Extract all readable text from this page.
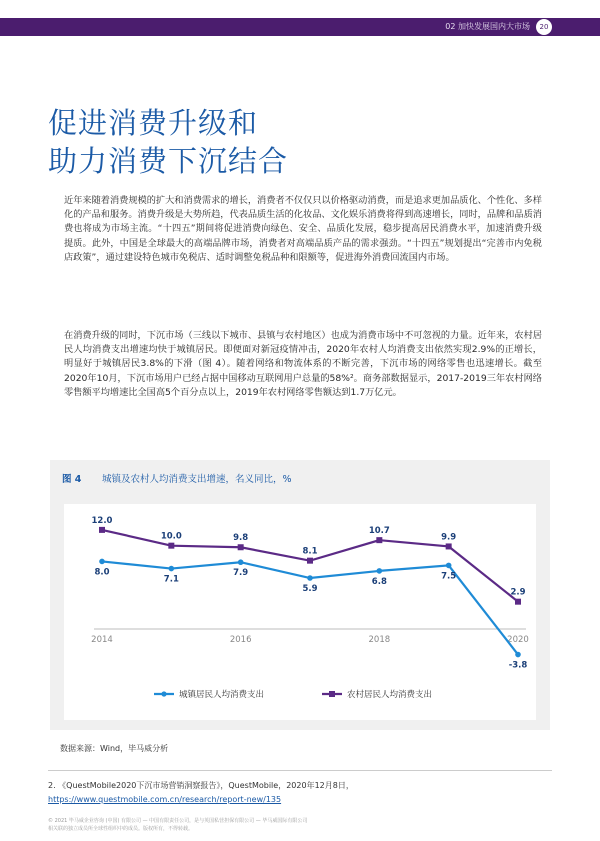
02 加快发展国内大市场	20
促进消费升级和
助力消费下沉结合

近年来随着消费规模的扩大和消费需求的增长，消费者不仅仅只以价格驱动消费，而是追求更加品质化、个性化、多样化的产品和服务。消费升级是大势所趋，代表品质生活的化妆品、文化娱乐消费将得到高速增长，同时，品牌和品质消费也将成为市场主流。“十四五”期间将促进消费向绿色、安全、品质化发展，稳步提高居民消费水平，加速消费升级提质。此外，中国是全球最大的高端品牌市场，消费者对高端品质产品的需求强劲。“十四五”规划提出“完善市内免税店政策”，通过建设特色城市免税店、适时调整免税品种和限额等，促进海外消费回流国内市场。

在消费升级的同时，下沉市场（三线以下城市、县镇与农村地区）也成为消费市场中不可忽视的力量。近年来，农村居民人均消费支出增速均快于城镇居民。即便面对新冠疫情冲击，2020年农村人均消费支出依然实现2.9%的正增长，明显好于城镇居民3.8%的下滑（图 4）。随着网络和物流体系的不断完善，下沉市场的网络零售也迅速增长。截至2020年10月，下沉市场用户已经占据中国移动互联网用户总量的58%²。商务部数据显示，2017-2019三年农村网络零售额平均增速比全国高5个百分点以上，2019年农村网络零售额达到1.7万亿元。

图 4 城镇及农村人均消费支出增速，名义同比，%
2014	2016	2018	2020
8.0
7.1
7.9
5.9
6.8
7.5
-3.8
12.0
10.0	9.8
8.1
10.7
9.9
2.9
城镇居民人均消费支出	农村居民人均消费支出
数据来源：Wind，毕马威分析
2. 《QuestMobile2020下沉市场营销洞察报告》，QuestMobile，2020年12月8日，
https://www.questmobile.com.cn/research/report-new/135
© 2021 毕马威企业咨询 (中国) 有限公司 — 中国有限责任公司，是与英国私营担保有限公司 — 毕马威国际有限公司
相关联的独立成员所全球性组织中的成员。版权所有，不得转载。
